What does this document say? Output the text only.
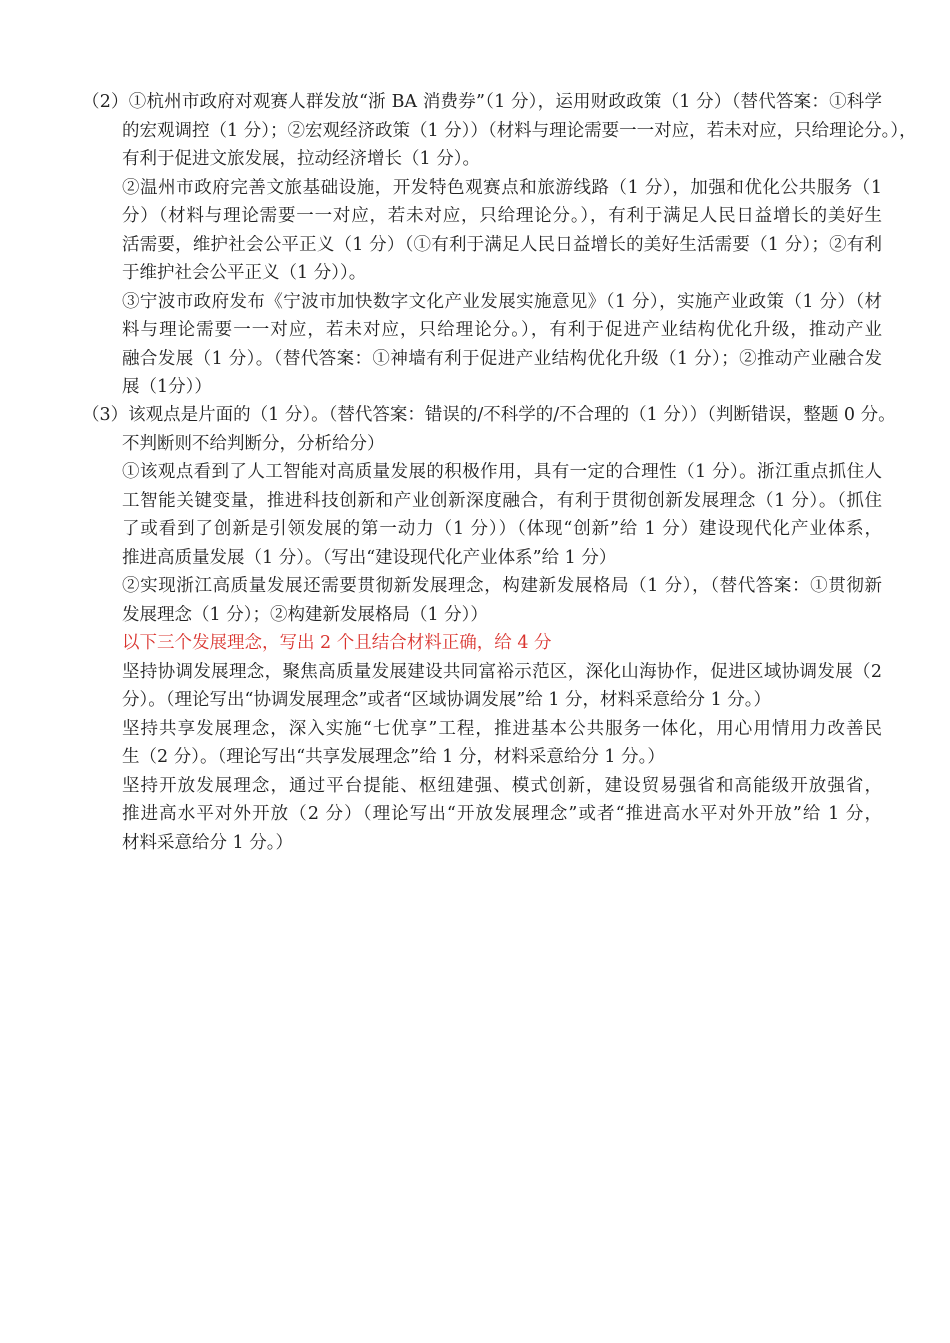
（2）①杭州市政府对观赛人群发放“浙 BA 消费券”（1 分），运用财政政策（1 分）（替代答案：①科学
的宏观调控（1 分）；②宏观经济政策（1 分））（材料与理论需要一一对应，若未对应，只给理论分。），
有利于促进文旅发展，拉动经济增长（1 分）。
②温州市政府完善文旅基础设施，开发特色观赛点和旅游线路（1 分），加强和优化公共服务（1
分）（材料与理论需要一一对应，若未对应，只给理论分。），有利于满足人民日益增长的美好生
活需要，维护社会公平正义（1 分）（①有利于满足人民日益增长的美好生活需要（1 分）；②有利
于维护社会公平正义（1 分））。
③宁波市政府发布《宁波市加快数字文化产业发展实施意见》（1 分），实施产业政策（1 分）（材
料与理论需要一一对应，若未对应，只给理论分。），有利于促进产业结构优化升级，推动产业
融合发展（1 分）。（替代答案：①神墙有利于促进产业结构优化升级（1 分）；②推动产业融合发
展（1分））
（3）该观点是片面的（1 分）。（替代答案：错误的/不科学的/不合理的（1 分））（判断错误，整题 0 分。
不判断则不给判断分，分析给分）
①该观点看到了人工智能对高质量发展的积极作用，具有一定的合理性（1 分）。浙江重点抓住人
工智能关键变量，推进科技创新和产业创新深度融合，有利于贯彻创新发展理念（1 分）。（抓住
了或看到了创新是引领发展的第一动力（1 分））（体现“创新”给 1 分）建设现代化产业体系，
推进高质量发展（1 分）。（写出“建设现代化产业体系”给 1 分）
②实现浙江高质量发展还需要贯彻新发展理念，构建新发展格局（1 分），（替代答案：①贯彻新
发展理念（1 分）；②构建新发展格局（1 分））
以下三个发展理念，写出 2 个且结合材料正确，给 4 分
坚持协调发展理念，聚焦高质量发展建设共同富裕示范区，深化山海协作，促进区域协调发展（2
分）。（理论写出“协调发展理念”或者“区域协调发展”给 1 分，材料采意给分 1 分。）
坚持共享发展理念，深入实施“七优享”工程，推进基本公共服务一体化，用心用情用力改善民
生（2 分）。（理论写出“共享发展理念”给 1 分，材料采意给分 1 分。）
坚持开放发展理念，通过平台提能、枢纽建强、模式创新，建设贸易强省和高能级开放强省，
推进高水平对外开放（2 分）（理论写出“开放发展理念”或者“推进高水平对外开放”给 1 分，
材料采意给分 1 分。）
